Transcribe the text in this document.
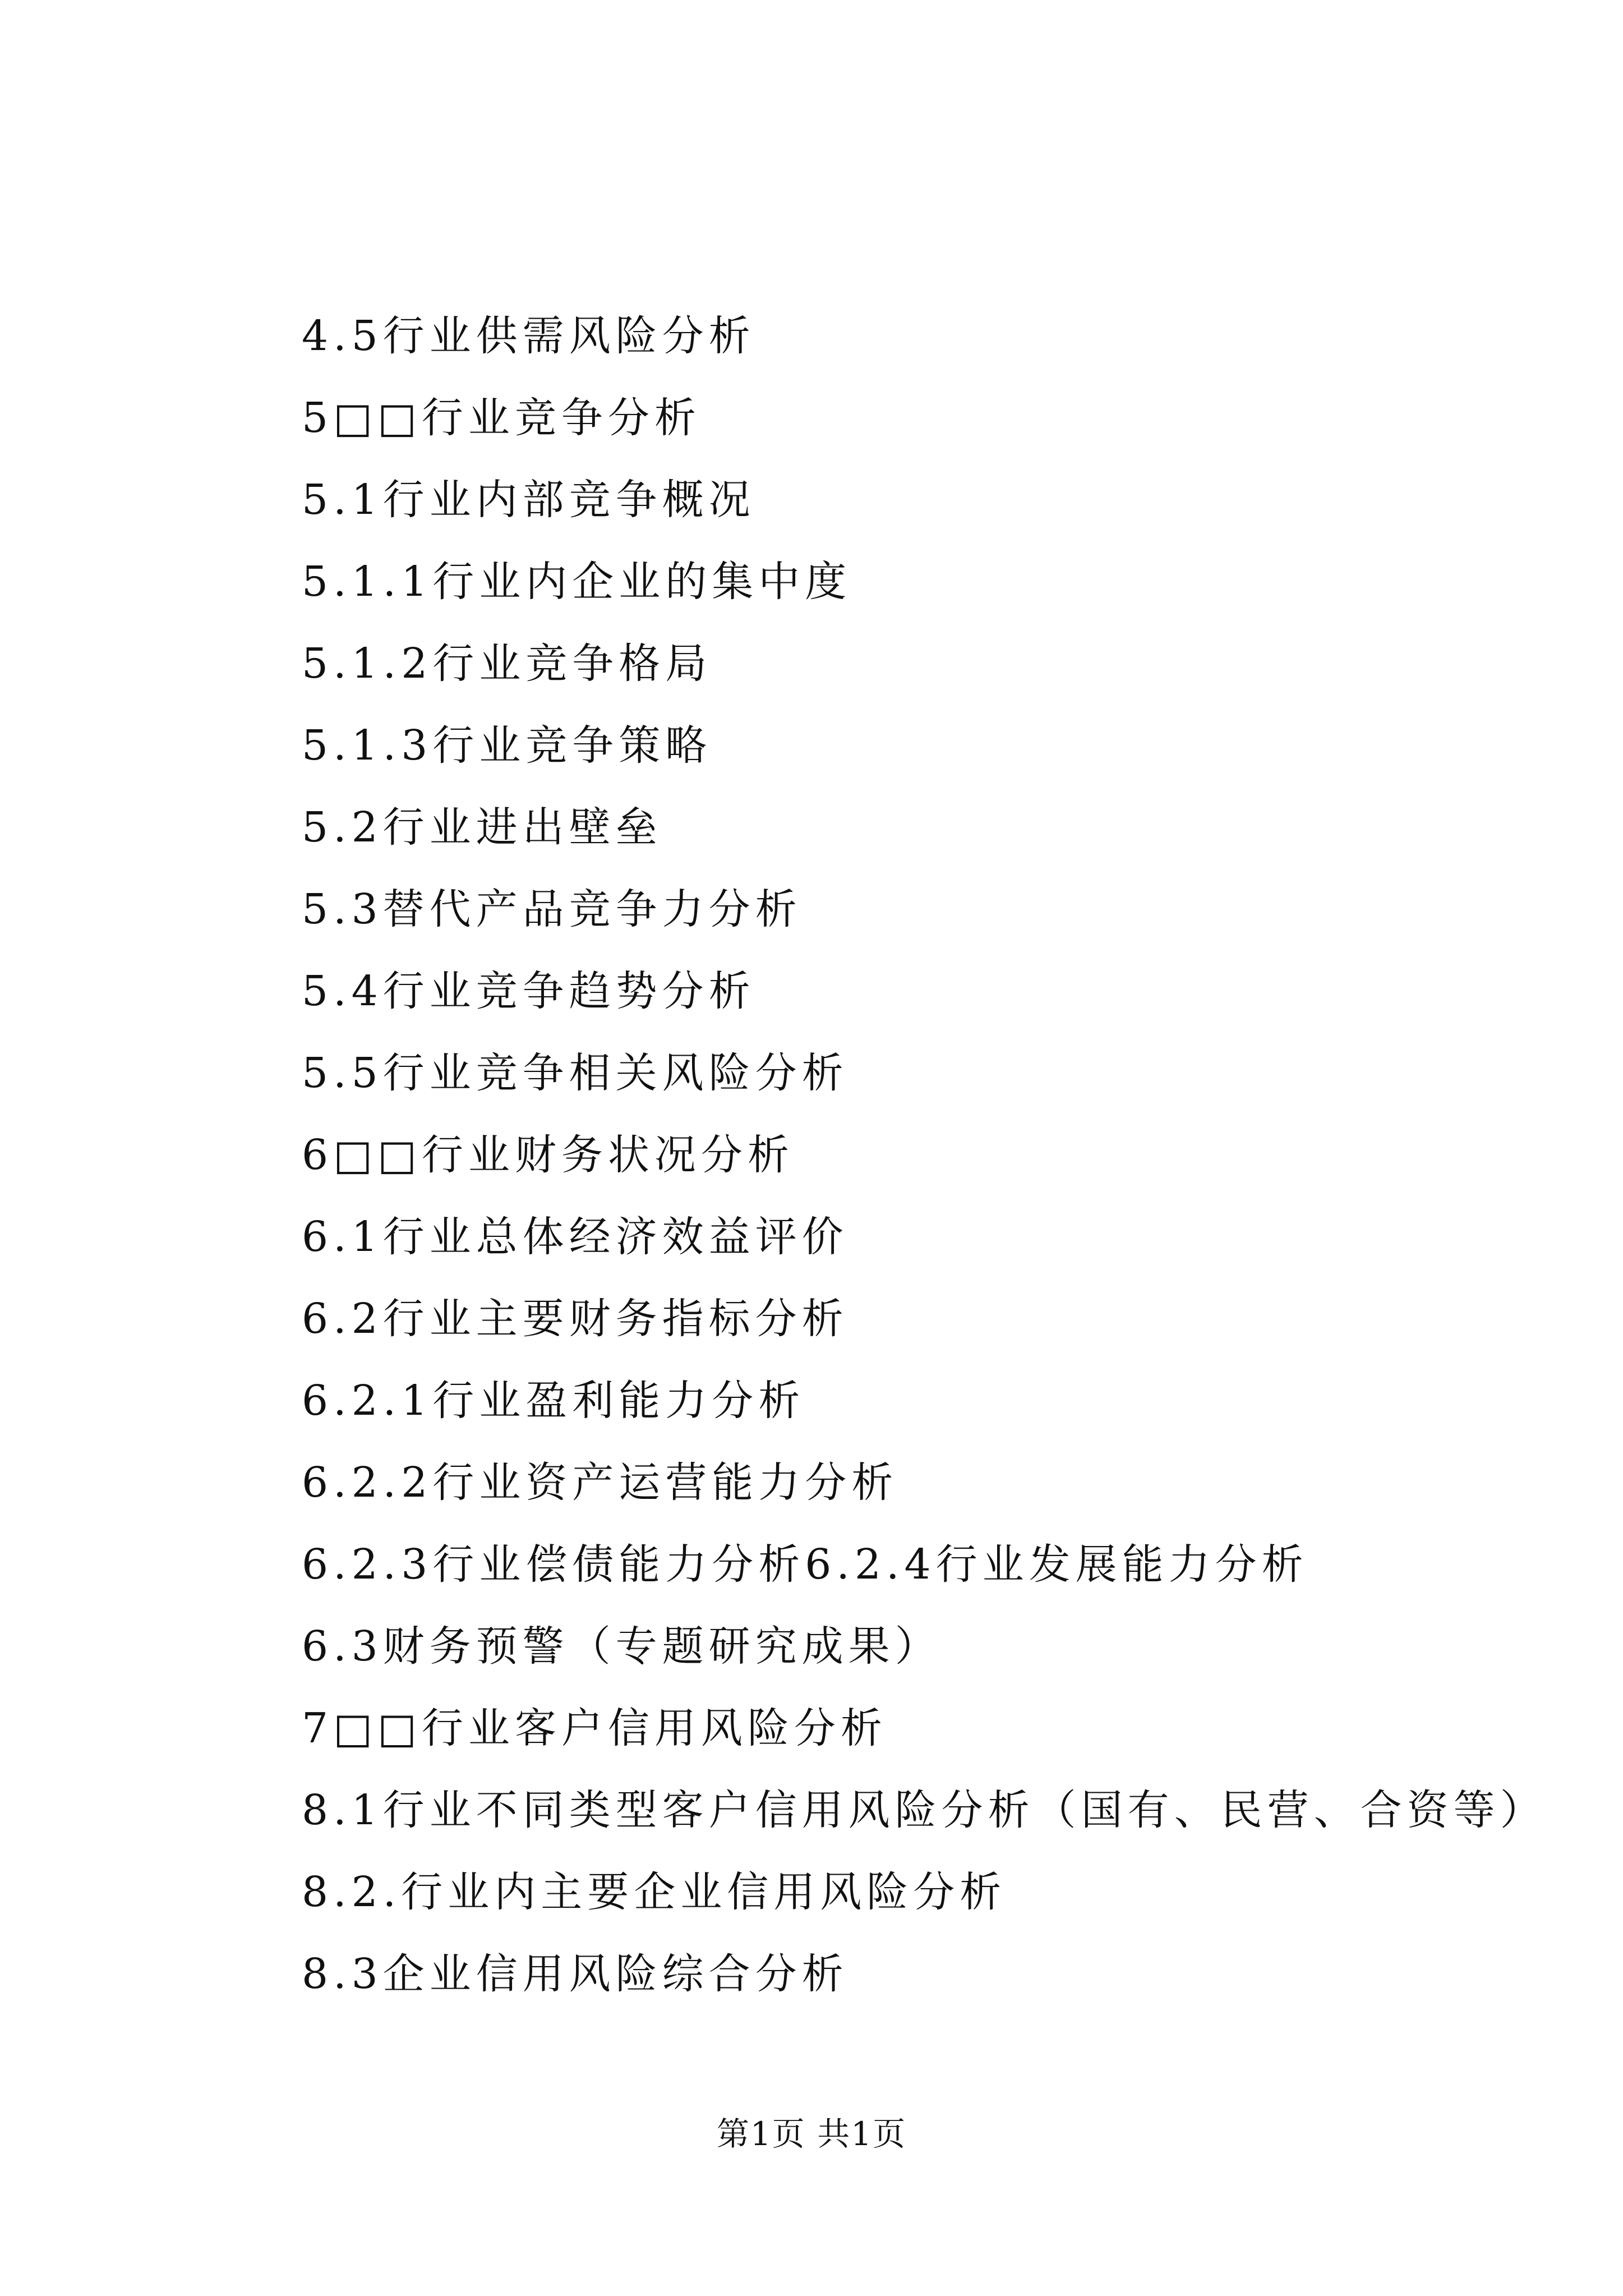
4.5行业供需风险分析
5□□行业竞争分析
5.1行业内部竞争概况
5.1.1行业内企业的集中度
5.1.2行业竞争格局
5.1.3行业竞争策略
5.2行业进出壁垒
5.3替代产品竞争力分析
5.4行业竞争趋势分析
5.5行业竞争相关风险分析
6□□行业财务状况分析
6.1行业总体经济效益评价
6.2行业主要财务指标分析
6.2.1行业盈利能力分析
6.2.2行业资产运营能力分析
6.2.3行业偿债能力分析6.2.4行业发展能力分析
6.3财务预警（专题研究成果）
7□□行业客户信用风险分析
8.1行业不同类型客户信用风险分析（国有、民营、合资等）
8.2.行业内主要企业信用风险分析
8.3企业信用风险综合分析
第1页 共1页
